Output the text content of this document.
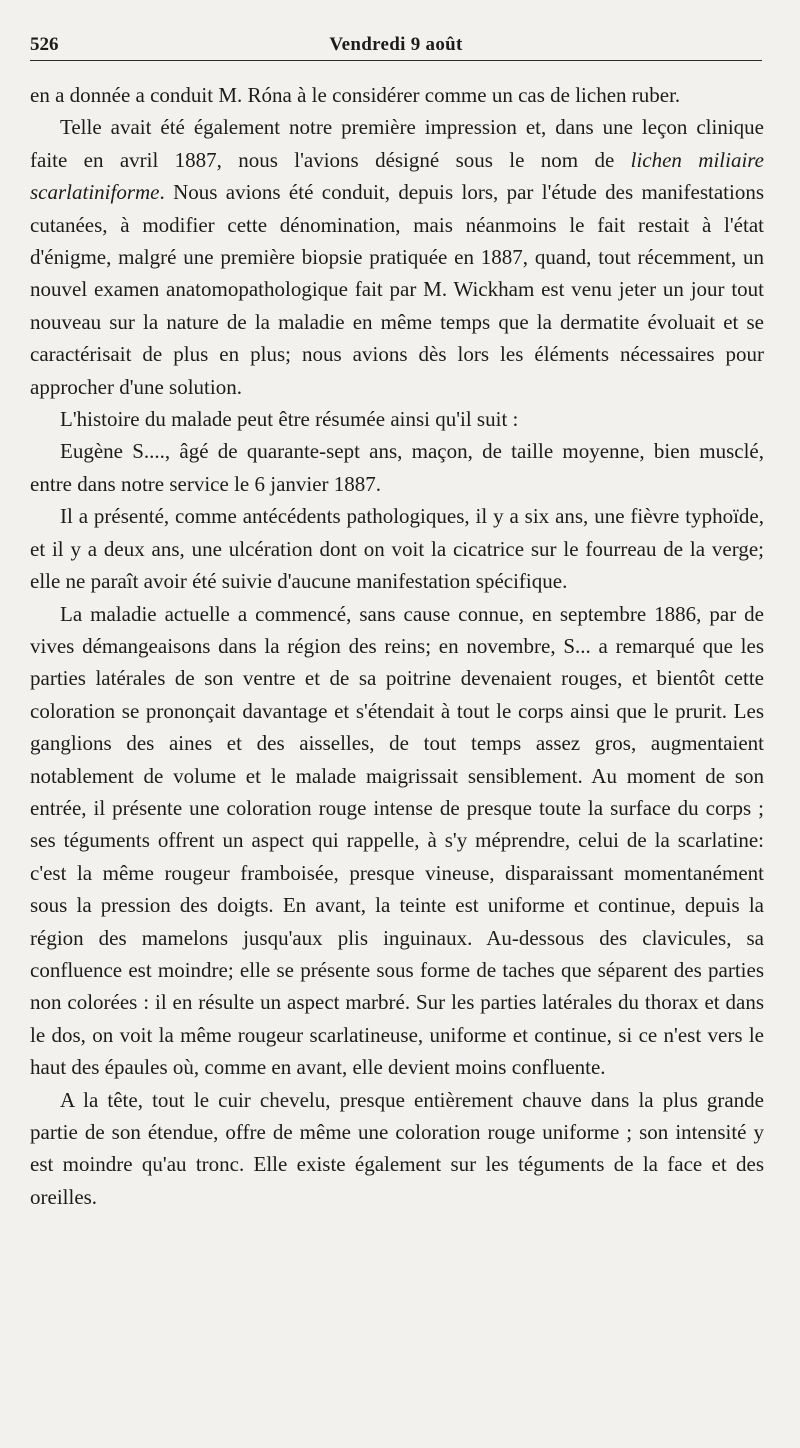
526	Vendredi 9 août

en a donnée a conduit M. Róna à le considérer comme un cas de lichen ruber.

Telle avait été également notre première impression et, dans une leçon clinique faite en avril 1887, nous l'avions désigné sous le nom de lichen miliaire scarlatiniforme. Nous avions été conduit, depuis lors, par l'étude des manifestations cutanées, à modifier cette dénomination, mais néanmoins le fait restait à l'état d'énigme, malgré une première biopsie pratiquée en 1887, quand, tout récemment, un nouvel examen anatomopathologique fait par M. Wickham est venu jeter un jour tout nouveau sur la nature de la maladie en même temps que la dermatite évoluait et se caractérisait de plus en plus; nous avions dès lors les éléments nécessaires pour approcher d'une solution.

L'histoire du malade peut être résumée ainsi qu'il suit :

Eugène S...., âgé de quarante-sept ans, maçon, de taille moyenne, bien musclé, entre dans notre service le 6 janvier 1887.

Il a présenté, comme antécédents pathologiques, il y a six ans, une fièvre typhoïde, et il y a deux ans, une ulcération dont on voit la cicatrice sur le fourreau de la verge; elle ne paraît avoir été suivie d'aucune manifestation spécifique.

La maladie actuelle a commencé, sans cause connue, en septembre 1886, par de vives démangeaisons dans la région des reins; en novembre, S... a remarqué que les parties latérales de son ventre et de sa poitrine devenaient rouges, et bientôt cette coloration se prononçait davantage et s'étendait à tout le corps ainsi que le prurit. Les ganglions des aines et des aisselles, de tout temps assez gros, augmentaient notablement de volume et le malade maigrissait sensiblement. Au moment de son entrée, il présente une coloration rouge intense de presque toute la surface du corps ; ses téguments offrent un aspect qui rappelle, à s'y méprendre, celui de la scarlatine: c'est la même rougeur framboisée, presque vineuse, disparaissant momentanément sous la pression des doigts. En avant, la teinte est uniforme et continue, depuis la région des mamelons jusqu'aux plis inguinaux. Au-dessous des clavicules, sa confluence est moindre; elle se présente sous forme de taches que séparent des parties non colorées : il en résulte un aspect marbré. Sur les parties latérales du thorax et dans le dos, on voit la même rougeur scarlatineuse, uniforme et continue, si ce n'est vers le haut des épaules où, comme en avant, elle devient moins confluente.

A la tête, tout le cuir chevelu, presque entièrement chauve dans la plus grande partie de son étendue, offre de même une coloration rouge uniforme ; son intensité y est moindre qu'au tronc. Elle existe également sur les téguments de la face et des oreilles.
